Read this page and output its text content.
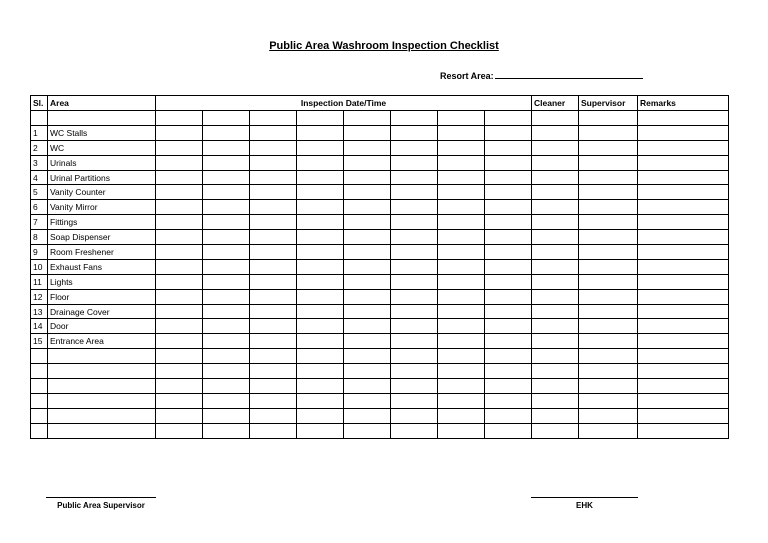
Public Area Washroom Inspection Checklist
Resort Area:
Sl.	Area	Inspection Date/Time								Cleaner	Supervisor	Remarks

1	WC Stalls											
2	WC											
3	Urinals											
4	Urinal Partitions											
5	Vanity Counter											
6	Vanity Mirror											
7	Fittings											
8	Soap Dispenser											
9	Room Freshener											
10	Exhaust Fans											
11	Lights											
12	Floor											
13	Drainage Cover											
14	Door											
15	Entrance Area											

Public Area Supervisor	EHK
